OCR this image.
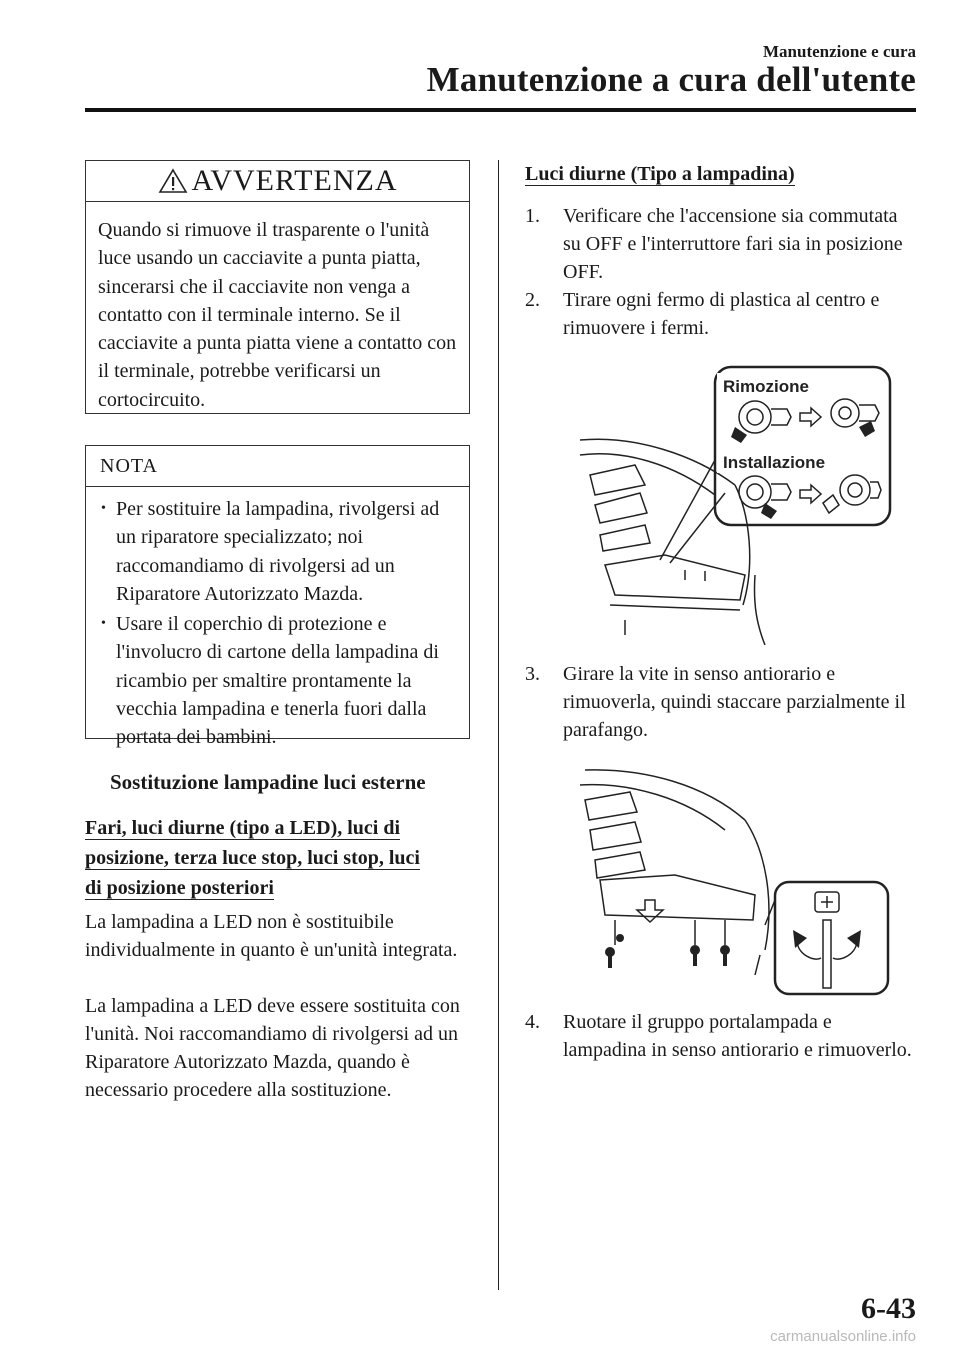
Manutenzione e cura
Manutenzione a cura dell'utente
AVVERTENZA
Quando si rimuove il trasparente o l'unità luce usando un cacciavite a punta piatta, sincerarsi che il cacciavite non venga a contatto con il terminale interno. Se il cacciavite a punta piatta viene a contatto con il terminale, potrebbe verificarsi un cortocircuito.
NOTA
• Per sostituire la lampadina, rivolgersi ad un riparatore specializzato; noi raccomandiamo di rivolgersi ad un Riparatore Autorizzato Mazda.
• Usare il coperchio di protezione e l'involucro di cartone della lampadina di ricambio per smaltire prontamente la vecchia lampadina e tenerla fuori dalla portata dei bambini.
Sostituzione lampadine luci esterne
Fari, luci diurne (tipo a LED), luci di
posizione, terza luce stop, luci stop, luci
di posizione posteriori
La lampadina a LED non è sostituibile individualmente in quanto è un'unità integrata.
La lampadina a LED deve essere sostituita con l'unità. Noi raccomandiamo di rivolgersi ad un Riparatore Autorizzato Mazda, quando è necessario procedere alla sostituzione.
Luci diurne (Tipo a lampadina)
1. Verificare che l'accensione sia commutata su OFF e l'interruttore fari sia in posizione OFF.
2. Tirare ogni fermo di plastica al centro e rimuovere i fermi.
Rimozione
Installazione
3. Girare la vite in senso antiorario e rimuoverla, quindi staccare parzialmente il parafango.
4. Ruotare il gruppo portalampada e lampadina in senso antiorario e rimuoverlo.
6-43
carmanualsonline.info
